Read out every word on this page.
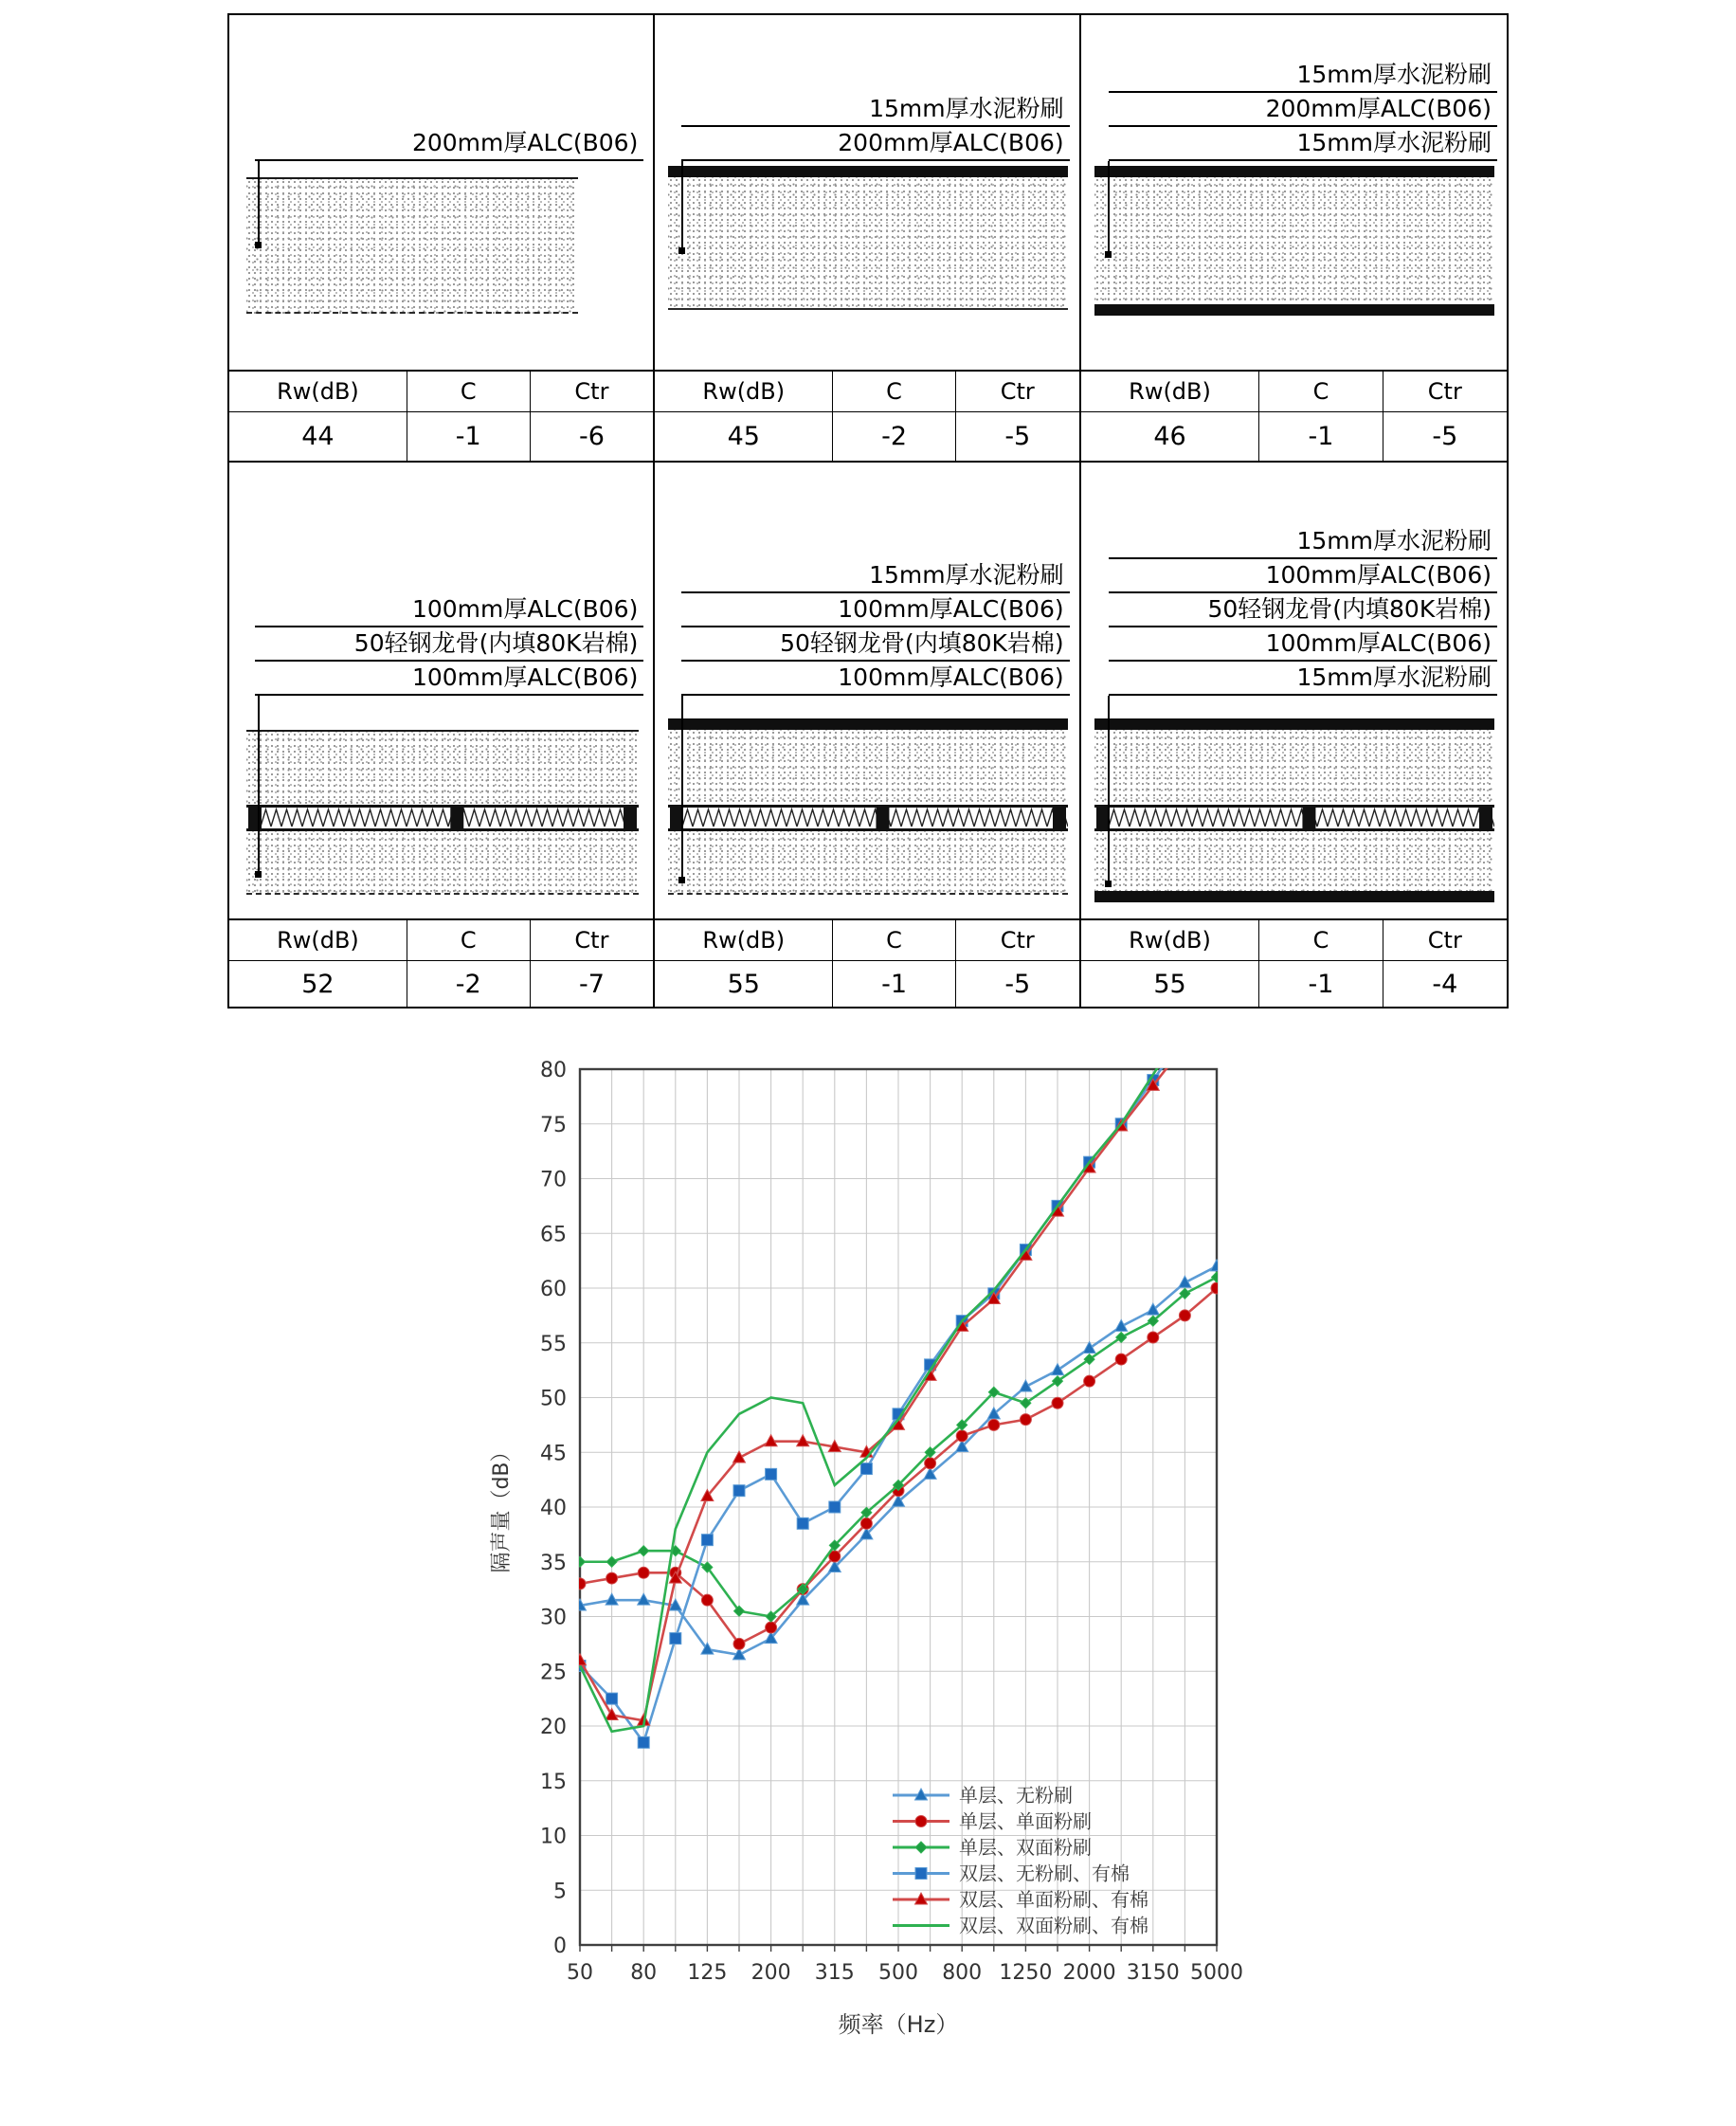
200mm厚ALC(B06)
15mm厚水泥粉刷
200mm厚ALC(B06)
15mm厚水泥粉刷
200mm厚ALC(B06)
15mm厚水泥粉刷
Rw(dB)	C	Ctr	Rw(dB)	C	Ctr	Rw(dB)	C	Ctr
44	-1	-6	45	-2	-5	46	-1	-5
100mm厚ALC(B06)
50轻钢龙骨(内填80K岩棉)
100mm厚ALC(B06)
15mm厚水泥粉刷
100mm厚ALC(B06)
50轻钢龙骨(内填80K岩棉)
100mm厚ALC(B06)
15mm厚水泥粉刷
100mm厚ALC(B06)
50轻钢龙骨(内填80K岩棉)
100mm厚ALC(B06)
15mm厚水泥粉刷
Rw(dB)	C	Ctr	Rw(dB)	C	Ctr	Rw(dB)	C	Ctr
52	-2	-7	55	-1	-5	55	-1	-4
0
5
10
15
20
25
30
35
40
45
50
55
60
65
70
75
80
50 80 125 200 315 500 800 1250 2000 3150 5000
隔声量（dB）
频率（Hz）
单层、无粉刷
单层、单面粉刷
单层、双面粉刷
双层、无粉刷、有棉
双层、单面粉刷、有棉
双层、双面粉刷、有棉
